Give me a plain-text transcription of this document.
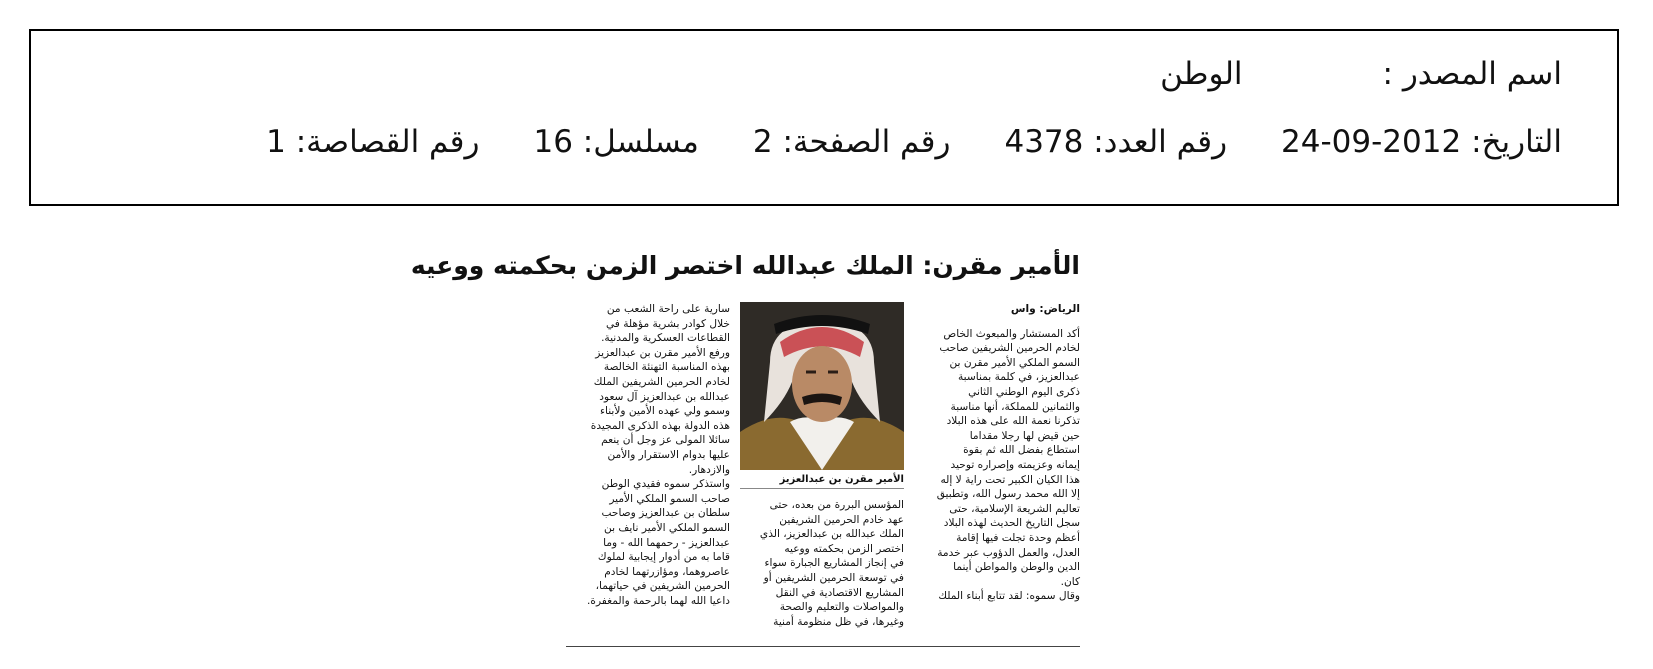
اسم المصدر :الوطن
التاريخ: 24-09-2012رقم العدد: 4378رقم الصفحة: 2مسلسل: 16رقم القصاصة: 1
الأمير مقرن: الملك عبدالله اختصر الزمن بحكمته ووعيه
الرياض: واس
أكد المستشار والمبعوث الخاص
لخادم الحرمين الشريفين صاحب
السمو الملكي الأمير مقرن بن
عبدالعزيز، في كلمة بمناسبة
ذكرى اليوم الوطني الثاني
والثمانين للمملكة، أنها مناسبة
تذكرنا نعمة الله على هذه البلاد
حين قيض لها رجلا مقداما
استطاع بفضل الله ثم بقوة
إيمانه وعزيمته وإصراره توحيد
هذا الكيان الكبير تحت راية لا إله
إلا الله محمد رسول الله، وتطبيق
تعاليم الشريعة الإسلامية، حتى
سجل التاريخ الحديث لهذه البلاد
أعظم وحدة تجلت فيها إقامة
العدل، والعمل الدؤوب عبر خدمة
الدين والوطن والمواطن أينما
كان.
وقال سموه: لقد تتابع أبناء الملك
الأمير مقرن بن عبدالعزيز
المؤسس البررة من بعده، حتى
عهد خادم الحرمين الشريفين
الملك عبدالله بن عبدالعزيز، الذي
اختصر الزمن بحكمته ووعيه
في إنجاز المشاريع الجبارة سواء
في توسعة الحرمين الشريفين أو
المشاريع الاقتصادية في النقل
والمواصلات والتعليم والصحة
وغيرها، في ظل منظومة أمنية
سارية على راحة الشعب من
خلال كوادر بشرية مؤهلة في
القطاعات العسكرية والمدنية.
ورفع الأمير مقرن بن عبدالعزيز
بهذه المناسبة التهنئة الخالصة
لخادم الحرمين الشريفين الملك
عبدالله بن عبدالعزيز آل سعود
وسمو ولي عهده الأمين ولأبناء
هذه الدولة بهذه الذكرى المجيدة
سائلا المولى عز وجل أن ينعم
عليها بدوام الاستقرار والأمن
والازدهار.
واستذكر سموه فقيدي الوطن
صاحب السمو الملكي الأمير
سلطان بن عبدالعزيز وصاحب
السمو الملكي الأمير نايف بن
عبدالعزيز - رحمهما الله - وما
قاما به من أدوار إيجابية لملوك
عاصروهما، ومؤازرتهما لخادم
الحرمين الشريفين في حياتهما،
داعيا الله لهما بالرحمة والمغفرة.
